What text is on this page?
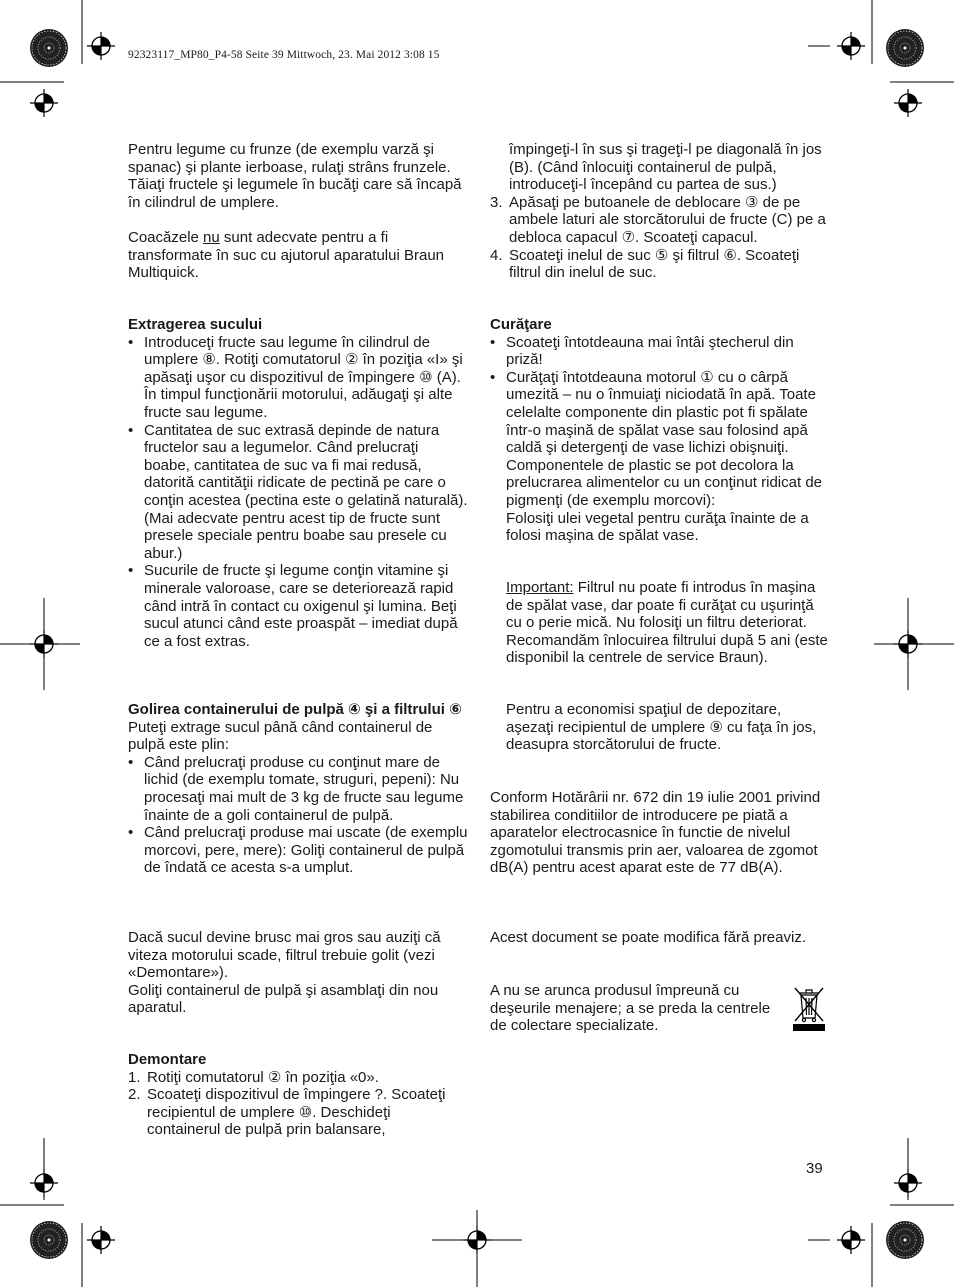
92323117_MP80_P4-58 Seite 39 Mittwoch, 23. Mai 2012 3:08 15

Pentru legume cu frunze (de exemplu varză şi spanac) şi plante ierboase, rulaţi strâns frunzele. Tăiaţi fructele şi legumele în bucăţi care să încapă în cilindrul de umplere.

Coacăzele nu sunt adecvate pentru a fi transformate în suc cu ajutorul aparatului Braun Multiquick.

Extragerea sucului

• Introduceţi fructe sau legume în cilindrul de umplere ⑧. Rotiţi comutatorul ② în poziţia «I» şi apăsaţi uşor cu dispozitivul de împingere ⑩ (A). În timpul funcţionării motorului, adăugaţi şi alte fructe sau legume.
• Cantitatea de suc extrasă depinde de natura fructelor sau a legumelor. Când prelucraţi boabe, cantitatea de suc va fi mai redusă, datorită cantităţii ridicate de pectină pe care o conţin acestea (pectina este o gelatină naturală).
(Mai adecvate pentru acest tip de fructe sunt presele speciale pentru boabe sau presele cu abur.)
• Sucurile de fructe şi legume conţin vitamine şi minerale valoroase, care se deteriorează rapid când intră în contact cu oxigenul şi lumina. Beţi sucul atunci când este proaspăt – imediat după ce a fost extras.

Golirea containerului de pulpă ④ şi a filtrului ⑥

Puteţi extrage sucul până când containerul de pulpă este plin:

• Când prelucraţi produse cu conţinut mare de lichid (de exemplu tomate, struguri, pepeni): Nu procesaţi mai mult de 3 kg de fructe sau legume înainte de a goli containerul de pulpă.
• Când prelucraţi produse mai uscate (de exemplu morcovi, pere, mere): Goliţi containerul de pulpă de îndată ce acesta s-a umplut.

Dacă sucul devine brusc mai gros sau auziţi că viteza motorului scade, filtrul trebuie golit (vezi «Demontare»).
Goliţi containerul de pulpă şi asamblaţi din nou aparatul.

Demontare

1. Rotiţi comutatorul ② în poziţia «0».
2. Scoateţi dispozitivul de împingere ?. Scoateţi recipientul de umplere ⑩. Deschideţi containerul de pulpă prin balansare,

împingeţi-l în sus şi trageţi-l pe diagonală în jos (B). (Când înlocuiţi containerul de pulpă, introduceţi-l începând cu partea de sus.)

3. Apăsaţi pe butoanele de deblocare ③ de pe ambele laturi ale storcătorului de fructe (C) pe a debloca capacul ⑦. Scoateţi capacul.
4. Scoateţi inelul de suc ⑤ şi filtrul ⑥. Scoateţi filtrul din inelul de suc.

Curăţare

• Scoateţi întotdeauna mai întâi ştecherul din priză!
• Curăţaţi întotdeauna motorul ① cu o cârpă umezită – nu o înmuiaţi niciodată în apă. Toate celelalte componente din plastic pot fi spălate într-o maşină de spălat vase sau folosind apă caldă şi detergenţi de vase lichizi obişnuiţi. Componentele de plastic se pot decolora la prelucrarea alimentelor cu un conţinut ridicat de pigmenţi (de exemplu morcovi):
Folosiţi ulei vegetal pentru curăţa înainte de a folosi maşina de spălat vase.

Important: Filtrul nu poate fi introdus în maşina de spălat vase, dar poate fi curăţat cu uşurinţă cu o perie mică. Nu folosiţi un filtru deteriorat. Recomandăm înlocuirea filtrului după 5 ani (este disponibil la centrele de service Braun).

Pentru a economisi spaţiul de depozitare, aşezaţi recipientul de umplere ⑨ cu faţa în jos, deasupra storcătorului de fructe.

Conform Hotărârii nr. 672 din 19 iulie 2001 privind stabilirea conditiilor de introducere pe piată a aparatelor electrocasnice în functie de nivelul zgomotului transmis prin aer, valoarea de zgomot dB(A) pentru acest aparat este de 77 dB(A).

Acest document se poate modifica fără preaviz.

A nu se arunca produsul împreună cu deşeurile menajere; a se preda la centrele de colectare specializate.

39
